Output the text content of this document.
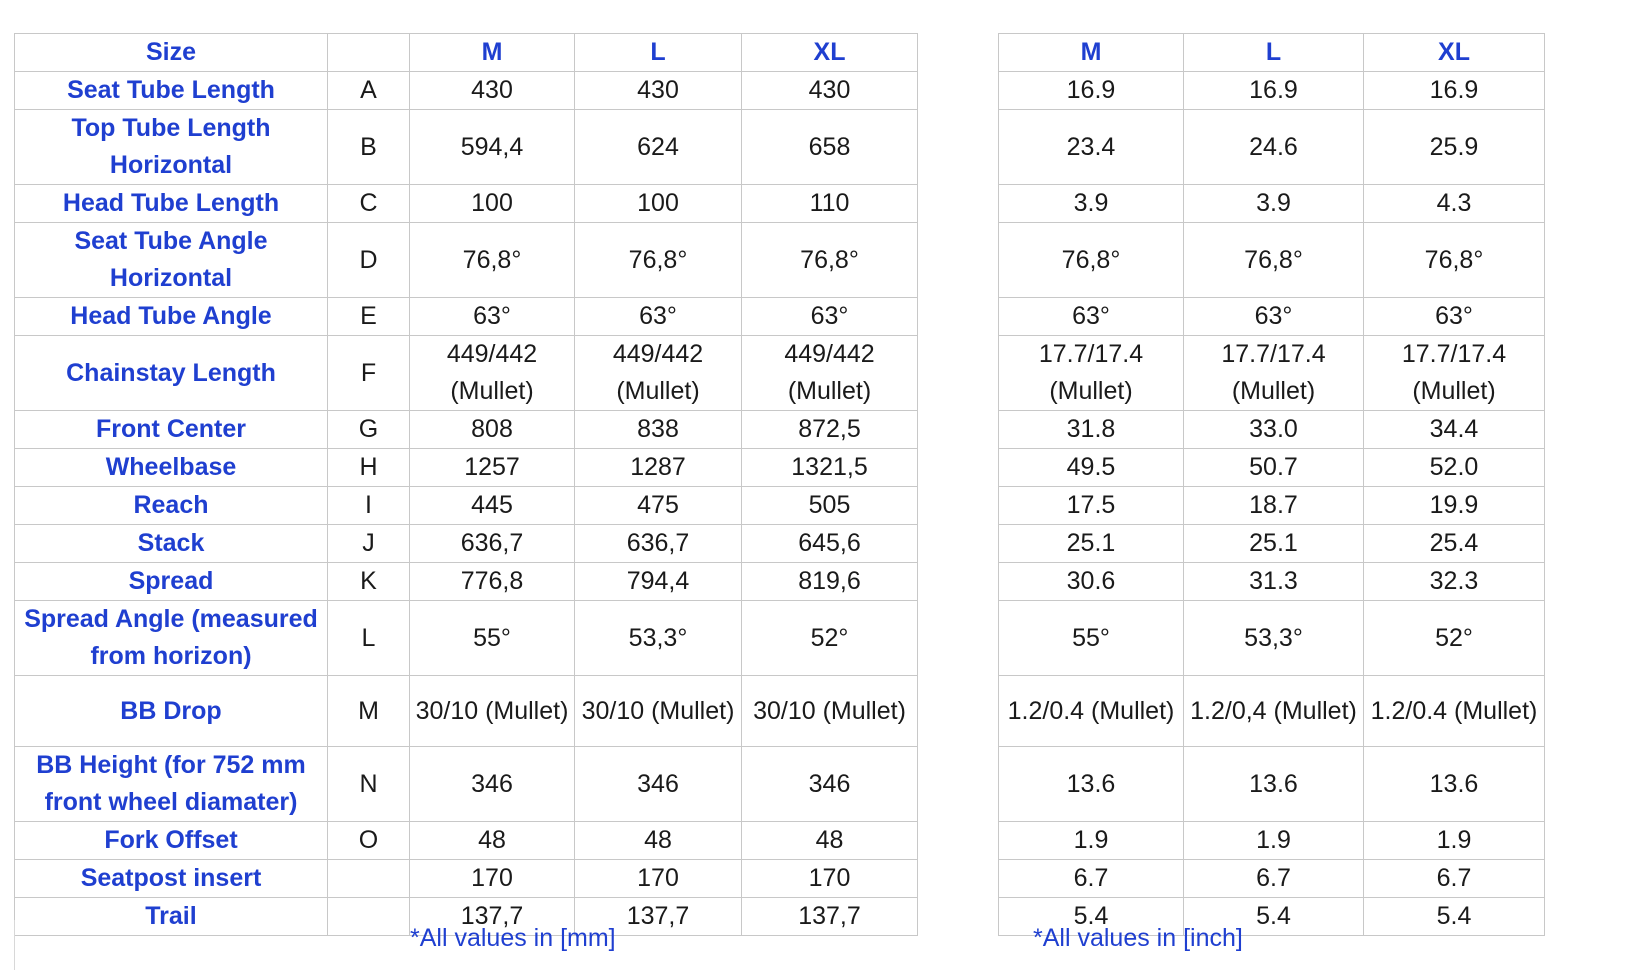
Size		M	L	XL		M	L	XL
Seat Tube Length	A	430	430	430		16.9	16.9	16.9
Top Tube Length Horizontal	B	594,4	624	658		23.4	24.6	25.9
Head Tube Length	C	100	100	110		3.9	3.9	4.3
Seat Tube Angle Horizontal	D	76,8°	76,8°	76,8°		76,8°	76,8°	76,8°
Head Tube Angle	E	63°	63°	63°		63°	63°	63°
Chainstay Length	F	449/442 (Mullet)	449/442 (Mullet)	449/442 (Mullet)		17.7/17.4 (Mullet)	17.7/17.4 (Mullet)	17.7/17.4 (Mullet)
Front Center	G	808	838	872,5		31.8	33.0	34.4
Wheelbase	H	1257	1287	1321,5		49.5	50.7	52.0
Reach	I	445	475	505		17.5	18.7	19.9
Stack	J	636,7	636,7	645,6		25.1	25.1	25.4
Spread	K	776,8	794,4	819,6		30.6	31.3	32.3
Spread Angle (measured from horizon)	L	55°	53,3°	52°		55°	53,3°	52°
BB Drop	M	30/10 (Mullet)	30/10 (Mullet)	30/10 (Mullet)		1.2/0.4 (Mullet)	1.2/0,4 (Mullet)	1.2/0.4 (Mullet)
BB Height (for 752 mm front wheel diamater)	N	346	346	346		13.6	13.6	13.6
Fork Offset	O	48	48	48		1.9	1.9	1.9
Seatpost insert		170	170	170		6.7	6.7	6.7
Trail		137,7	137,7	137,7		5.4	5.4	5.4
*All values in [mm]	*All values in [inch]
